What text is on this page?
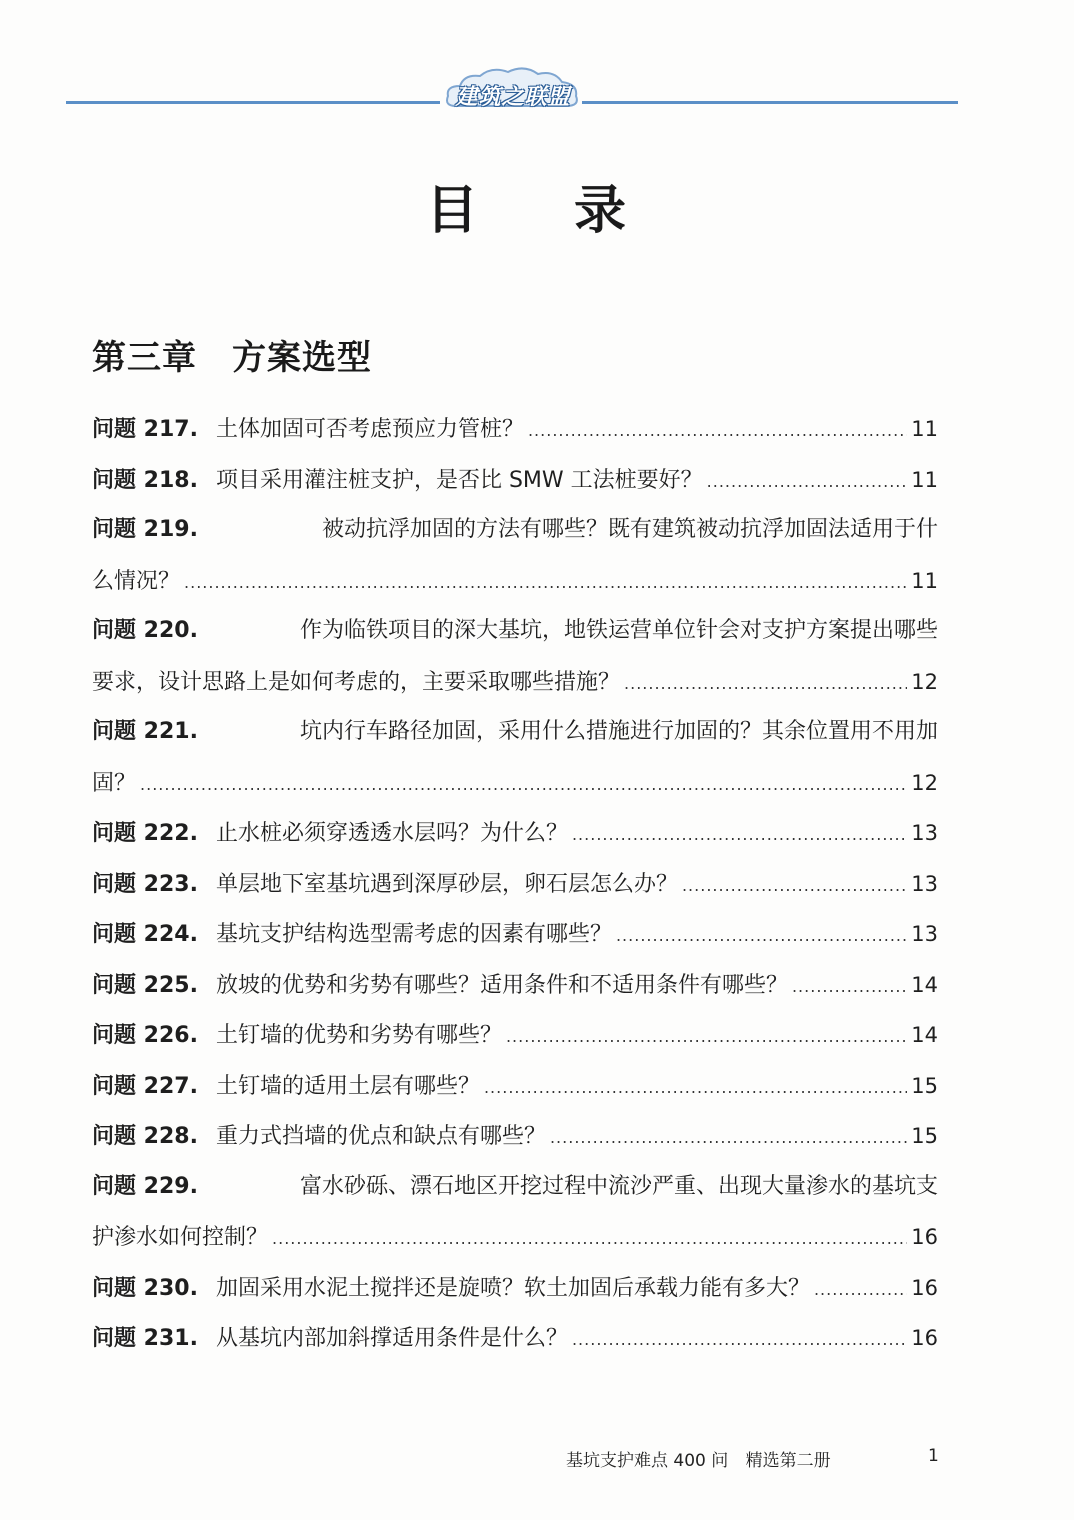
建筑之联盟
目　录
第三章　方案选型
问题 217. 土体加固可否考虑预应力管桩？ .....	11
问题 218. 项目采用灌注桩支护，是否比 SMW 工法桩要好？ .....	11
问题 219.	被动抗浮加固的方法有哪些？既有建筑被动抗浮加固法适用于什
么情况？ .....	11
问题 220.	作为临铁项目的深大基坑，地铁运营单位针会对支护方案提出哪些
要求，设计思路上是如何考虑的，主要采取哪些措施？ .....	12
问题 221.	坑内行车路径加固，采用什么措施进行加固的？其余位置用不用加
固？ .....	12
问题 222. 止水桩必须穿透透水层吗？为什么？ .....	13
问题 223. 单层地下室基坑遇到深厚砂层，卵石层怎么办？ .....	13
问题 224. 基坑支护结构选型需考虑的因素有哪些？ .....	13
问题 225. 放坡的优势和劣势有哪些？适用条件和不适用条件有哪些？ .....	14
问题 226. 土钉墙的优势和劣势有哪些？ .....	14
问题 227. 土钉墙的适用土层有哪些？ .....	15
问题 228. 重力式挡墙的优点和缺点有哪些？ .....	15
问题 229.	富水砂砾、漂石地区开挖过程中流沙严重、出现大量渗水的基坑支
护渗水如何控制？ .....	16
问题 230. 加固采用水泥土搅拌还是旋喷？软土加固后承载力能有多大？ .....	16
问题 231. 从基坑内部加斜撑适用条件是什么？ .....	16
基坑支护难点 400 问 精选第二册	1
